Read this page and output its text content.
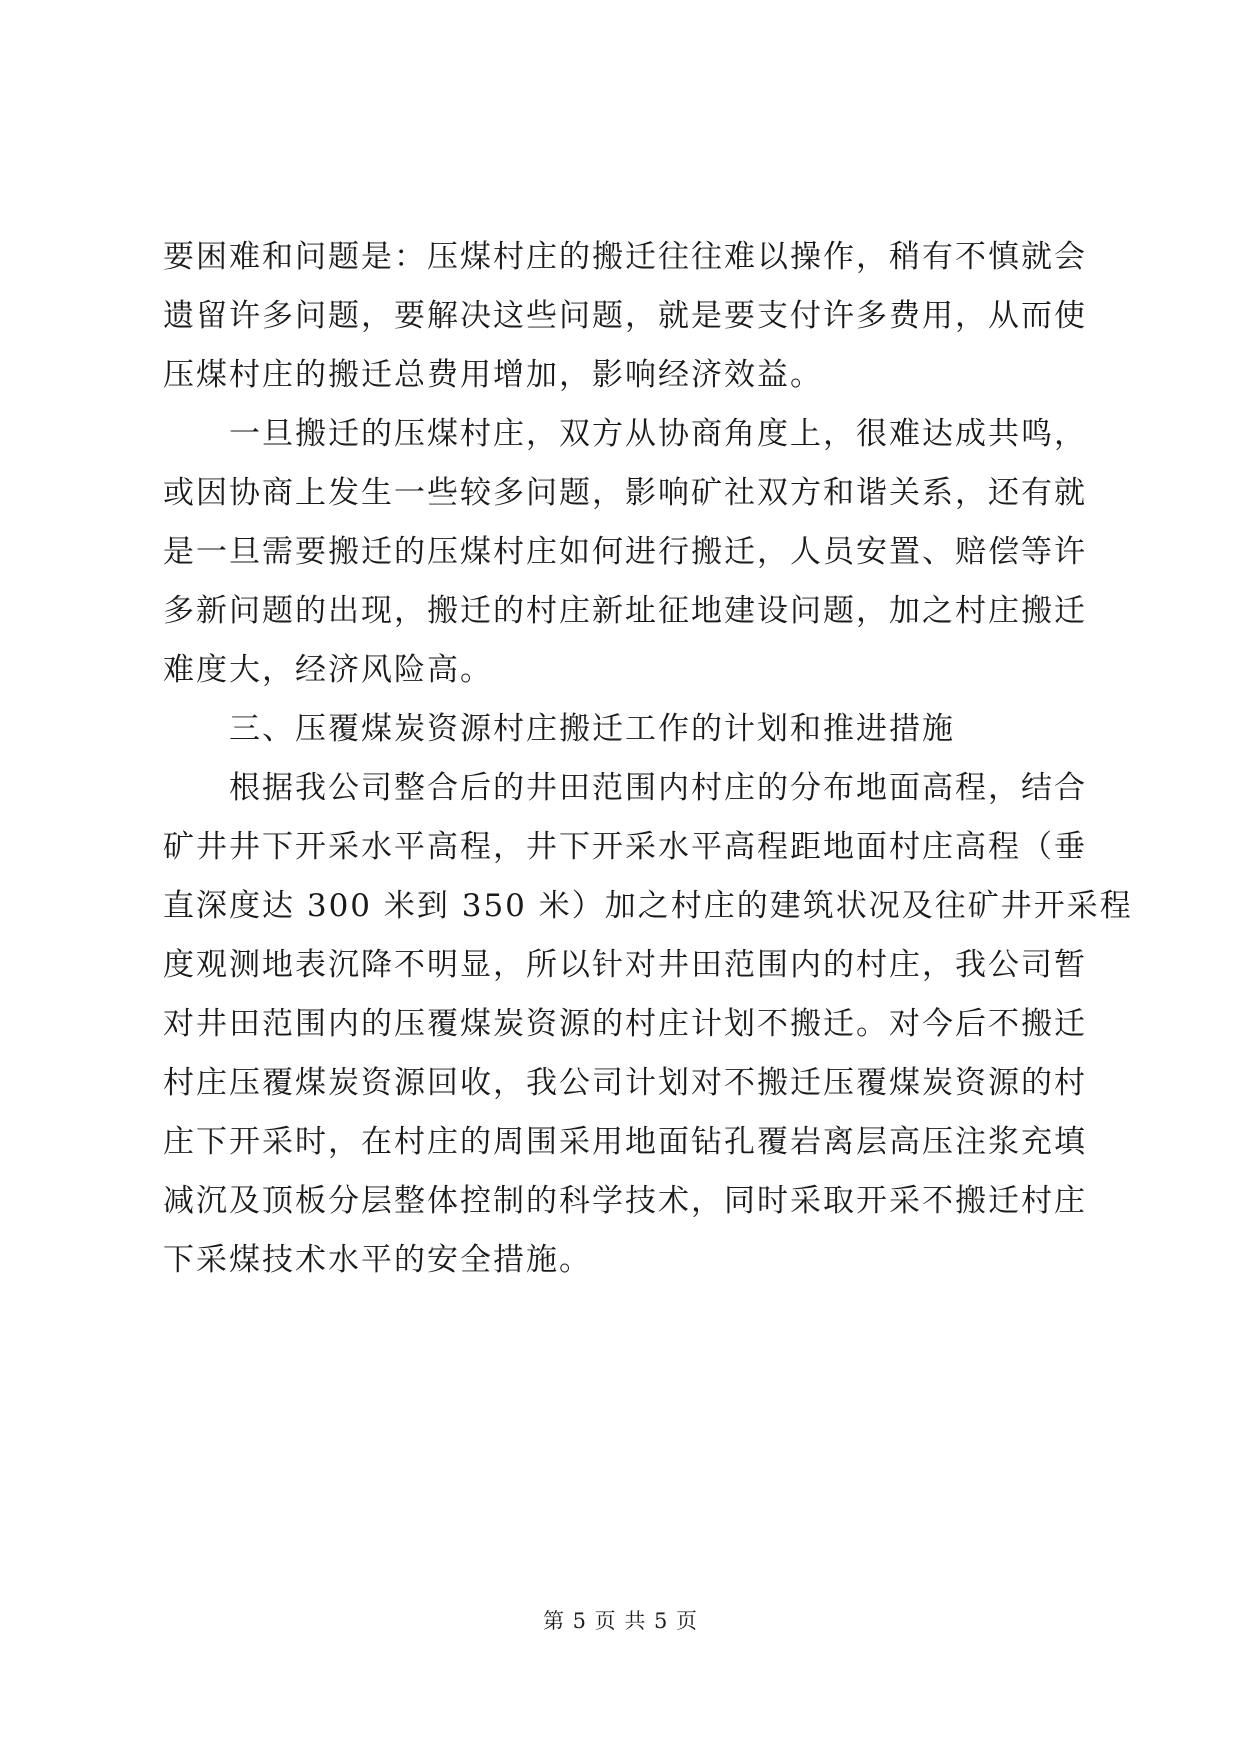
要困难和问题是：压煤村庄的搬迁往往难以操作，稍有不慎就会
遗留许多问题，要解决这些问题，就是要支付许多费用，从而使
压煤村庄的搬迁总费用增加，影响经济效益。
一旦搬迁的压煤村庄，双方从协商角度上，很难达成共鸣，
或因协商上发生一些较多问题，影响矿社双方和谐关系，还有就
是一旦需要搬迁的压煤村庄如何进行搬迁，人员安置、赔偿等许
多新问题的出现，搬迁的村庄新址征地建设问题，加之村庄搬迁
难度大，经济风险高。
三、压覆煤炭资源村庄搬迁工作的计划和推进措施
根据我公司整合后的井田范围内村庄的分布地面高程，结合
矿井井下开采水平高程，井下开采水平高程距地面村庄高程（垂
直深度达 300 米到 350 米）加之村庄的建筑状况及往矿井开采程
度观测地表沉降不明显，所以针对井田范围内的村庄，我公司暂
对井田范围内的压覆煤炭资源的村庄计划不搬迁。对今后不搬迁
村庄压覆煤炭资源回收，我公司计划对不搬迁压覆煤炭资源的村
庄下开采时，在村庄的周围采用地面钻孔覆岩离层高压注浆充填
减沉及顶板分层整体控制的科学技术，同时采取开采不搬迁村庄
下采煤技术水平的安全措施。
第 5 页 共 5 页
